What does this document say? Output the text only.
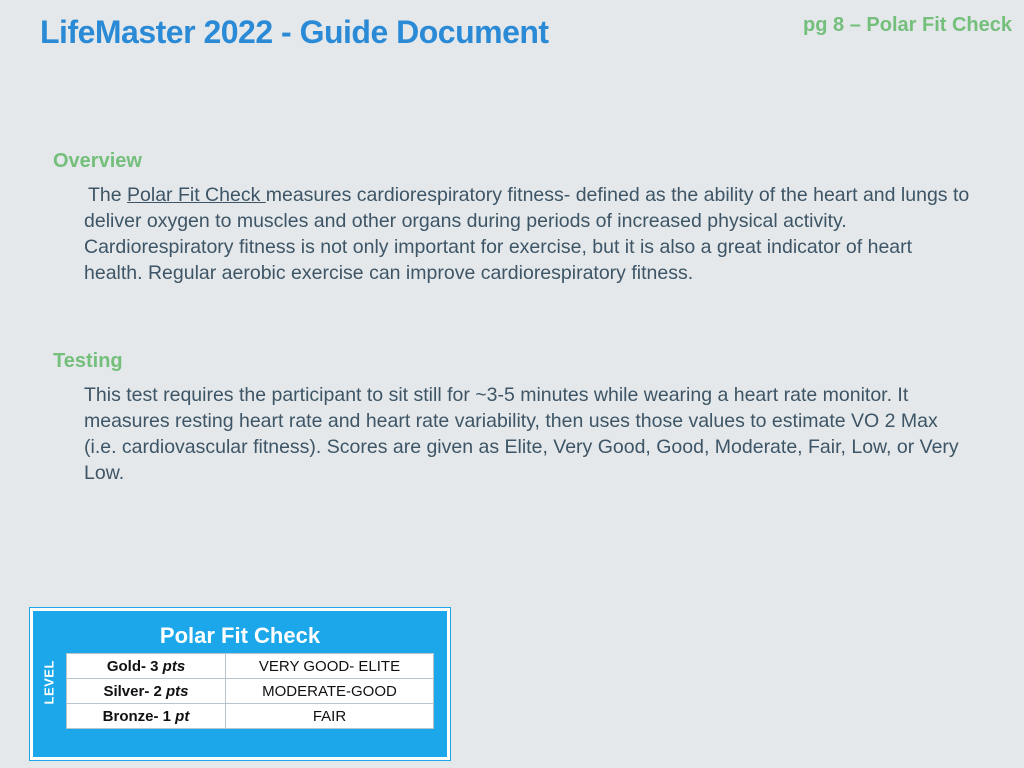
LifeMaster 2022 - Guide Document	pg 8 – Polar Fit Check
Overview

The Polar Fit Check measures cardiorespiratory fitness- defined as the ability of the heart and lungs to deliver oxygen to muscles and other organs during periods of increased physical activity. Cardiorespiratory fitness is not only important for exercise, but it is also a great indicator of heart health. Regular aerobic exercise can improve cardiorespiratory fitness.

Testing

This test requires the participant to sit still for ~3-5 minutes while wearing a heart rate monitor. It measures resting heart rate and heart rate variability, then uses those values to estimate VO 2 Max (i.e. cardiovascular fitness). Scores are given as Elite, Very Good, Good, Moderate, Fair, Low, or Very Low.

Polar Fit Check
LEVEL	Gold- 3 pts	VERY GOOD- ELITE
Silver- 2 pts	MODERATE-GOOD
Bronze- 1 pt	FAIR
